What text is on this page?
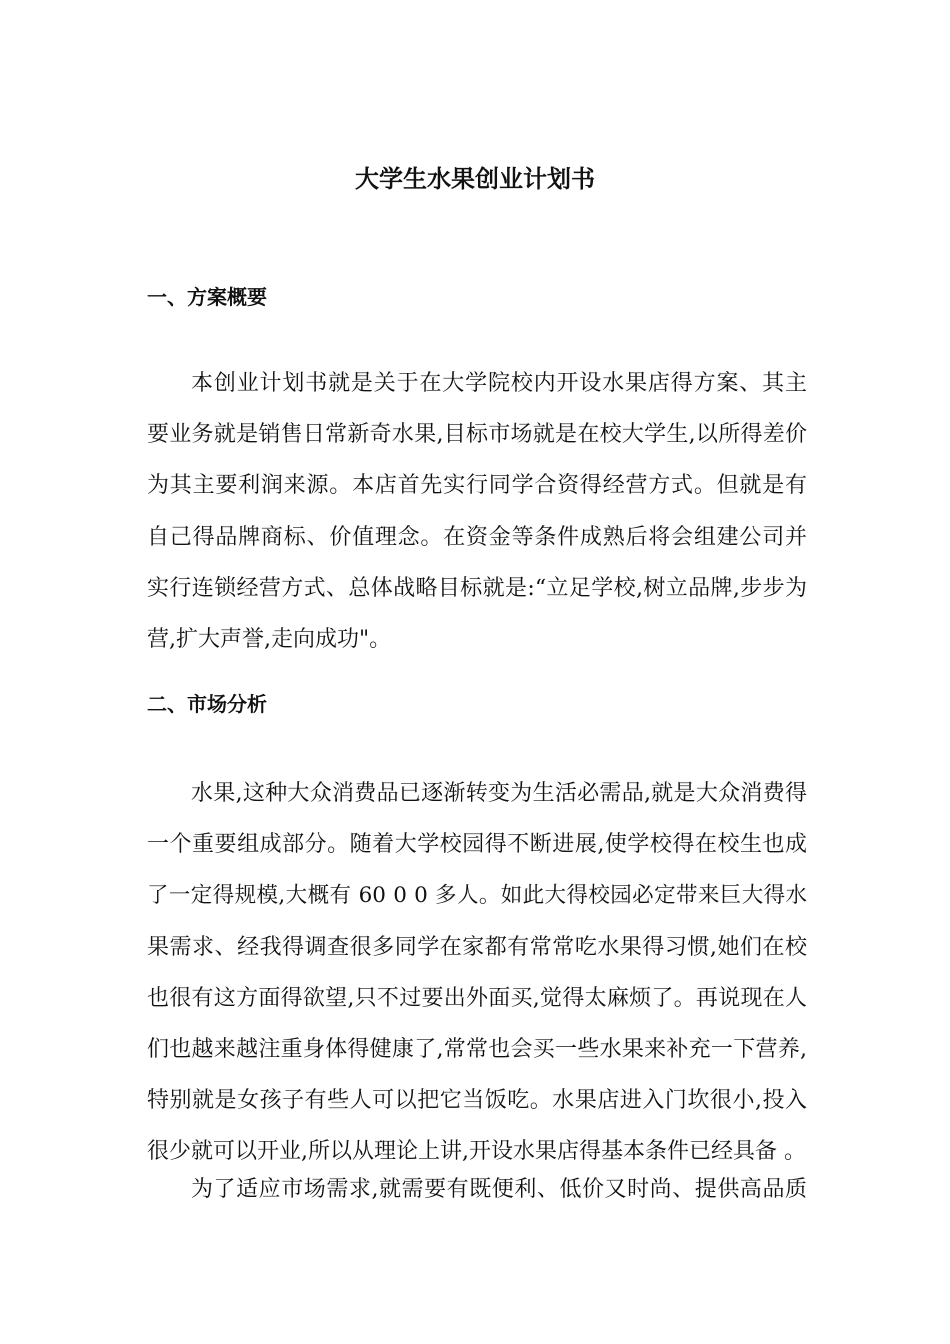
大学生水果创业计划书
一、方案概要
本创业计划书就是关于在大学院校内开设水果店得方案、其主
要业务就是销售日常新奇水果,目标市场就是在校大学生,以所得差价
为其主要利润来源。本店首先实行同学合资得经营方式。但就是有
自己得品牌商标、价值理念。在资金等条件成熟后将会组建公司并
实行连锁经营方式、总体战略目标就是:“立足学校,树立品牌,步步为
营,扩大声誉,走向成功"。
二、市场分析
水果,这种大众消费品已逐渐转变为生活必需品,就是大众消费得
一个重要组成部分。随着大学校园得不断进展,使学校得在校生也成
了一定得规模,大概有 60 0 0 多人。如此大得校园必定带来巨大得水
果需求、经我得调查很多同学在家都有常常吃水果得习惯,她们在校
也很有这方面得欲望,只不过要出外面买,觉得太麻烦了。再说现在人
们也越来越注重身体得健康了,常常也会买一些水果来补充一下营养,
特别就是女孩子有些人可以把它当饭吃。水果店进入门坎很小,投入
很少就可以开业,所以从理论上讲,开设水果店得基本条件已经具备 。
为了适应市场需求,就需要有既便利、低价又时尚、提供高品质
